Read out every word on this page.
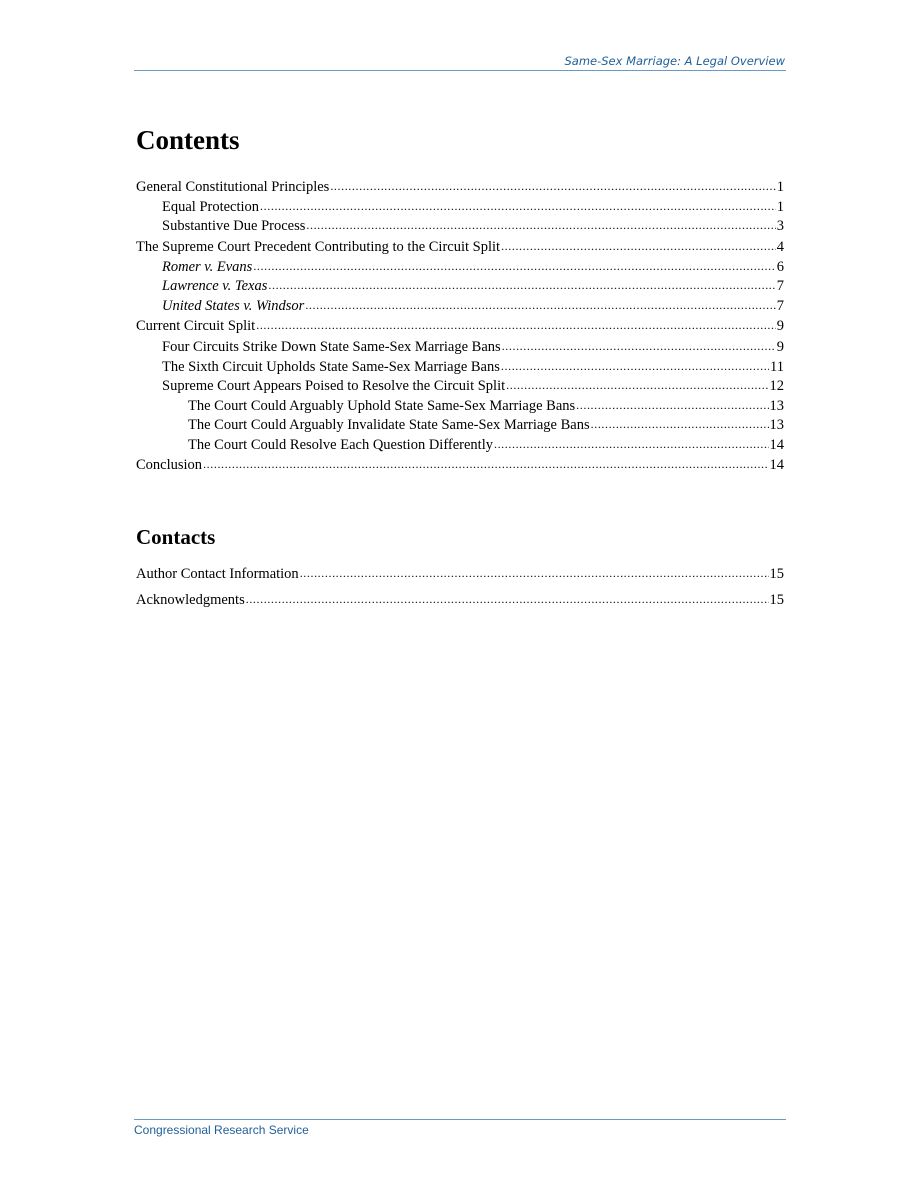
Same-Sex Marriage: A Legal Overview
Contents
General Constitutional Principles .....	1
Equal Protection .....	1
Substantive Due Process .....	3
The Supreme Court Precedent Contributing to the Circuit Split .....	4
Romer v. Evans .....	6
Lawrence v. Texas .....	7
United States v. Windsor .....	7
Current Circuit Split .....	9
Four Circuits Strike Down State Same-Sex Marriage Bans .....	9
The Sixth Circuit Upholds State Same-Sex Marriage Bans .....	11
Supreme Court Appears Poised to Resolve the Circuit Split .....	12
The Court Could Arguably Uphold State Same-Sex Marriage Bans .....	13
The Court Could Arguably Invalidate State Same-Sex Marriage Bans .....	13
The Court Could Resolve Each Question Differently .....	14
Conclusion .....	14
Contacts
Author Contact Information .....	15
Acknowledgments .....	15
Congressional Research Service
